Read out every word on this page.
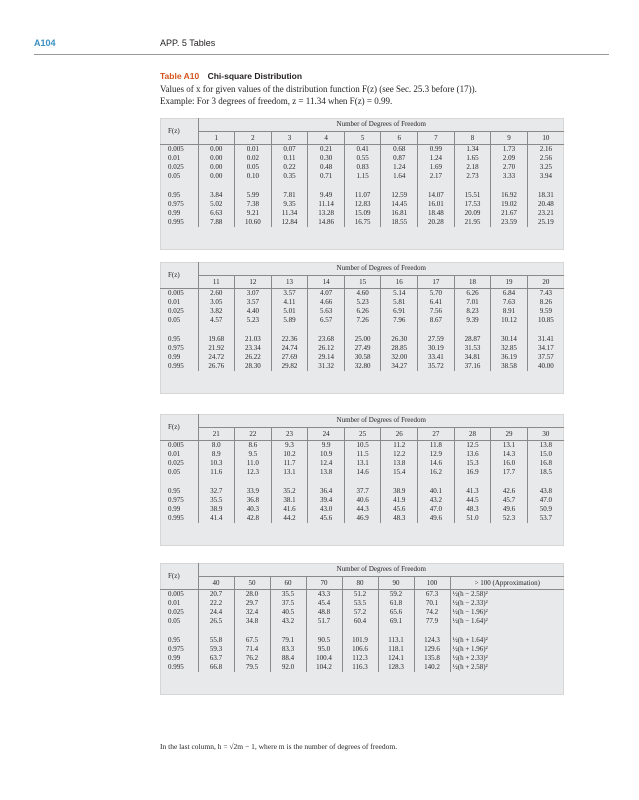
A104	APP. 5 Tables
Table A10 Chi-square Distribution
Values of x for given values of the distribution function F(z) (see Sec. 25.3 before (17)).
Example: For 3 degrees of freedom, z = 11.34 when F(z) = 0.99.
F(z)	Number of Degrees of Freedom									
	1	2	3	4	5	6	7	8	9	10
0.005	0.00	0.01	0.07	0.21	0.41	0.68	0.99	1.34	1.73	2.16
0.01	0.00	0.02	0.11	0.30	0.55	0.87	1.24	1.65	2.09	2.56
0.025	0.00	0.05	0.22	0.48	0.83	1.24	1.69	2.18	2.70	3.25
0.05	0.00	0.10	0.35	0.71	1.15	1.64	2.17	2.73	3.33	3.94

0.95	3.84	5.99	7.81	9.49	11.07	12.59	14.07	15.51	16.92	18.31
0.975	5.02	7.38	9.35	11.14	12.83	14.45	16.01	17.53	19.02	20.48
0.99	6.63	9.21	11.34	13.28	15.09	16.81	18.48	20.09	21.67	23.21
0.995	7.88	10.60	12.84	14.86	16.75	18.55	20.28	21.95	23.59	25.19
F(z)	Number of Degrees of Freedom									
	11	12	13	14	15	16	17	18	19	20
0.005	2.60	3.07	3.57	4.07	4.60	5.14	5.70	6.26	6.84	7.43
0.01	3.05	3.57	4.11	4.66	5.23	5.81	6.41	7.01	7.63	8.26
0.025	3.82	4.40	5.01	5.63	6.26	6.91	7.56	8.23	8.91	9.59
0.05	4.57	5.23	5.89	6.57	7.26	7.96	8.67	9.39	10.12	10.85

0.95	19.68	21.03	22.36	23.68	25.00	26.30	27.59	28.87	30.14	31.41
0.975	21.92	23.34	24.74	26.12	27.49	28.85	30.19	31.53	32.85	34.17
0.99	24.72	26.22	27.69	29.14	30.58	32.00	33.41	34.81	36.19	37.57
0.995	26.76	28.30	29.82	31.32	32.80	34.27	35.72	37.16	38.58	40.00
F(z)	Number of Degrees of Freedom									
	21	22	23	24	25	26	27	28	29	30
0.005	8.0	8.6	9.3	9.9	10.5	11.2	11.8	12.5	13.1	13.8
0.01	8.9	9.5	10.2	10.9	11.5	12.2	12.9	13.6	14.3	15.0
0.025	10.3	11.0	11.7	12.4	13.1	13.8	14.6	15.3	16.0	16.8
0.05	11.6	12.3	13.1	13.8	14.6	15.4	16.2	16.9	17.7	18.5

0.95	32.7	33.9	35.2	36.4	37.7	38.9	40.1	41.3	42.6	43.8
0.975	35.5	36.8	38.1	39.4	40.6	41.9	43.2	44.5	45.7	47.0
0.99	38.9	40.3	41.6	43.0	44.3	45.6	47.0	48.3	49.6	50.9
0.995	41.4	42.8	44.2	45.6	46.9	48.3	49.6	51.0	52.3	53.7
F(z)	Number of Degrees of Freedom							
	40	50	60	70	80	90	100	> 100 (Approximation)
0.005	20.7	28.0	35.5	43.3	51.2	59.2	67.3	½(h − 2.58)²
0.01	22.2	29.7	37.5	45.4	53.5	61.8	70.1	½(h − 2.33)²
0.025	24.4	32.4	40.5	48.8	57.2	65.6	74.2	½(h − 1.96)²
0.05	26.5	34.8	43.2	51.7	60.4	69.1	77.9	½(h − 1.64)²

0.95	55.8	67.5	79.1	90.5	101.9	113.1	124.3	½(h + 1.64)²
0.975	59.3	71.4	83.3	95.0	106.6	118.1	129.6	½(h + 1.96)²
0.99	63.7	76.2	88.4	100.4	112.3	124.1	135.8	½(h + 2.33)²
0.995	66.8	79.5	92.0	104.2	116.3	128.3	140.2	½(h + 2.58)²
In the last column, h = √2m − 1, where m is the number of degrees of freedom.
